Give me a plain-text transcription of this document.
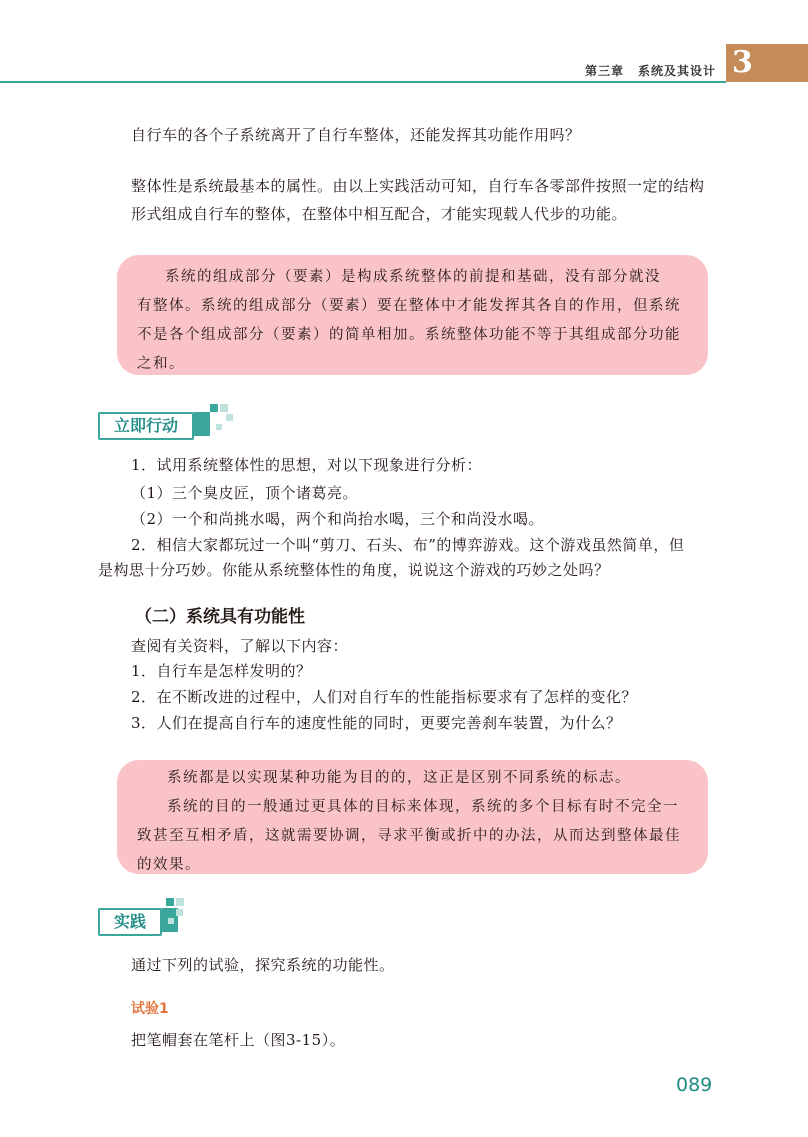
第三章 系统及其设计 3
自行车的各个子系统离开了自行车整体，还能发挥其功能作用吗？
整体性是系统最基本的属性。由以上实践活动可知，自行车各零部件按照一定的结构
形式组成自行车的整体，在整体中相互配合，才能实现载人代步的功能。
系统的组成部分（要素）是构成系统整体的前提和基础，没有部分就没
有整体。系统的组成部分（要素）要在整体中才能发挥其各自的作用，但系统
不是各个组成部分（要素）的简单相加。系统整体功能不等于其组成部分功能
之和。
立即行动
1．试用系统整体性的思想，对以下现象进行分析：
（1）三个臭皮匠，顶个诸葛亮。
（2）一个和尚挑水喝，两个和尚抬水喝，三个和尚没水喝。
2．相信大家都玩过一个叫“剪刀、石头、布”的博弈游戏。这个游戏虽然简单，但
是构思十分巧妙。你能从系统整体性的角度，说说这个游戏的巧妙之处吗？
（二）系统具有功能性
查阅有关资料，了解以下内容：
1．自行车是怎样发明的？
2．在不断改进的过程中，人们对自行车的性能指标要求有了怎样的变化？
3．人们在提高自行车的速度性能的同时，更要完善刹车装置，为什么？
系统都是以实现某种功能为目的的，这正是区别不同系统的标志。
系统的目的一般通过更具体的目标来体现，系统的多个目标有时不完全一
致甚至互相矛盾，这就需要协调，寻求平衡或折中的办法，从而达到整体最佳
的效果。
实践
通过下列的试验，探究系统的功能性。
试验1
把笔帽套在笔杆上（图3-15）。
089
